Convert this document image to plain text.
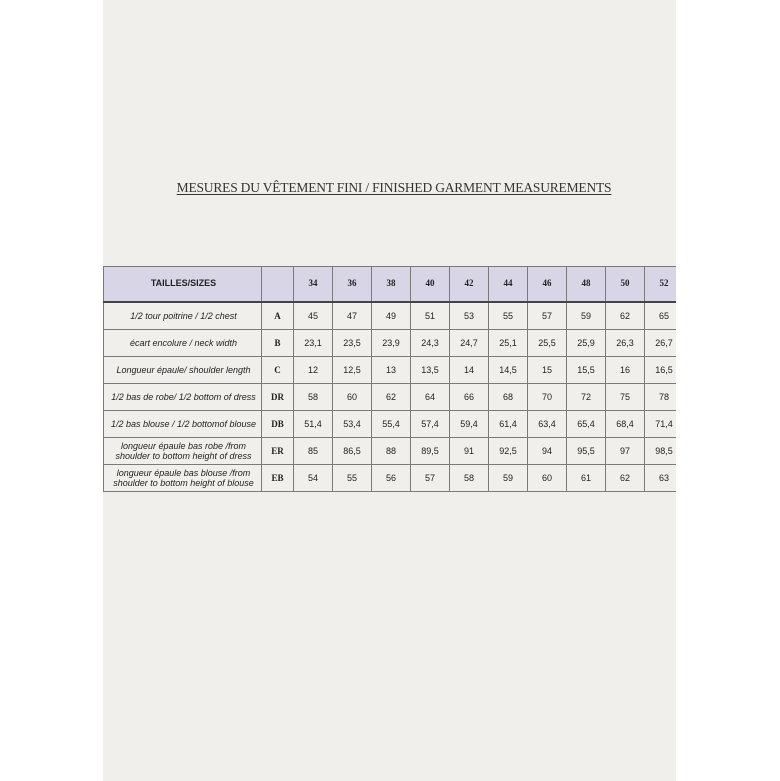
MESURES DU VÊTEMENT FINI / FINISHED GARMENT MEASUREMENTS
TAILLES/SIZES		34	36	38	40	42	44	46	48	50	52
1/2 tour poitrine / 1/2 chest	A	45	47	49	51	53	55	57	59	62	65
écart encolure / neck width	B	23,1	23,5	23,9	24,3	24,7	25,1	25,5	25,9	26,3	26,7
Longueur épaule/ shoulder length	C	12	12,5	13	13,5	14	14,5	15	15,5	16	16,5
1/2 bas de robe/ 1/2 bottom of dress	DR	58	60	62	64	66	68	70	72	75	78
1/2 bas blouse / 1/2 bottomof blouse	DB	51,4	53,4	55,4	57,4	59,4	61,4	63,4	65,4	68,4	71,4
longueur épaule bas robe /from shoulder to bottom height of dress	ER	85	86,5	88	89,5	91	92,5	94	95,5	97	98,5
longueur épaule bas blouse /from shoulder to bottom height of blouse	EB	54	55	56	57	58	59	60	61	62	63
